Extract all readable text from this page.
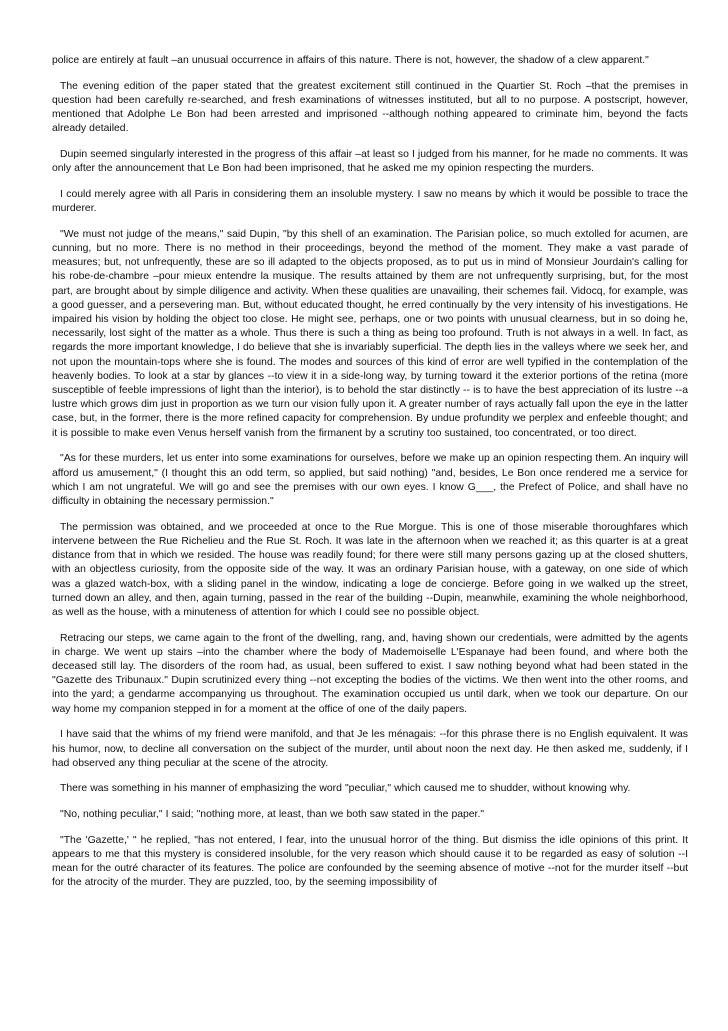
police are entirely at fault –an unusual occurrence in affairs of this nature. There is not, however, the shadow of a clew apparent."

The evening edition of the paper stated that the greatest excitement still continued in the Quartier St. Roch –that the premises in question had been carefully re-searched, and fresh examinations of witnesses instituted, but all to no purpose. A postscript, however, mentioned that Adolphe Le Bon had been arrested and imprisoned --although nothing appeared to criminate him, beyond the facts already detailed.

Dupin seemed singularly interested in the progress of this affair –at least so I judged from his manner, for he made no comments. It was only after the announcement that Le Bon had been imprisoned, that he asked me my opinion respecting the murders.

I could merely agree with all Paris in considering them an insoluble mystery. I saw no means by which it would be possible to trace the murderer.

"We must not judge of the means," said Dupin, "by this shell of an examination. The Parisian police, so much extolled for acumen, are cunning, but no more. There is no method in their proceedings, beyond the method of the moment. They make a vast parade of measures; but, not unfrequently, these are so ill adapted to the objects proposed, as to put us in mind of Monsieur Jourdain's calling for his robe-de-chambre –pour mieux entendre la musique. The results attained by them are not unfrequently surprising, but, for the most part, are brought about by simple diligence and activity. When these qualities are unavailing, their schemes fail. Vidocq, for example, was a good guesser, and a persevering man. But, without educated thought, he erred continually by the very intensity of his investigations. He impaired his vision by holding the object too close. He might see, perhaps, one or two points with unusual clearness, but in so doing he, necessarily, lost sight of the matter as a whole. Thus there is such a thing as being too profound. Truth is not always in a well. In fact, as regards the more important knowledge, I do believe that she is invariably superficial. The depth lies in the valleys where we seek her, and not upon the mountain-tops where she is found. The modes and sources of this kind of error are well typified in the contemplation of the heavenly bodies. To look at a star by glances --to view it in a side-long way, by turning toward it the exterior portions of the retina (more susceptible of feeble impressions of light than the interior), is to behold the star distinctly -- is to have the best appreciation of its lustre --a lustre which grows dim just in proportion as we turn our vision fully upon it. A greater number of rays actually fall upon the eye in the latter case, but, in the former, there is the more refined capacity for comprehension. By undue profundity we perplex and enfeeble thought; and it is possible to make even Venus herself vanish from the firmanent by a scrutiny too sustained, too concentrated, or too direct.

"As for these murders, let us enter into some examinations for ourselves, before we make up an opinion respecting them. An inquiry will afford us amusement," (I thought this an odd term, so applied, but said nothing) "and, besides, Le Bon once rendered me a service for which I am not ungrateful. We will go and see the premises with our own eyes. I know G___, the Prefect of Police, and shall have no difficulty in obtaining the necessary permission."

The permission was obtained, and we proceeded at once to the Rue Morgue. This is one of those miserable thoroughfares which intervene between the Rue Richelieu and the Rue St. Roch. It was late in the afternoon when we reached it; as this quarter is at a great distance from that in which we resided. The house was readily found; for there were still many persons gazing up at the closed shutters, with an objectless curiosity, from the opposite side of the way. It was an ordinary Parisian house, with a gateway, on one side of which was a glazed watch-box, with a sliding panel in the window, indicating a loge de concierge. Before going in we walked up the street, turned down an alley, and then, again turning, passed in the rear of the building --Dupin, meanwhile, examining the whole neighborhood, as well as the house, with a minuteness of attention for which I could see no possible object.

Retracing our steps, we came again to the front of the dwelling, rang, and, having shown our credentials, were admitted by the agents in charge. We went up stairs –into the chamber where the body of Mademoiselle L'Espanaye had been found, and where both the deceased still lay. The disorders of the room had, as usual, been suffered to exist. I saw nothing beyond what had been stated in the "Gazette des Tribunaux." Dupin scrutinized every thing --not excepting the bodies of the victims. We then went into the other rooms, and into the yard; a gendarme accompanying us throughout. The examination occupied us until dark, when we took our departure. On our way home my companion stepped in for a moment at the office of one of the daily papers.

I have said that the whims of my friend were manifold, and that Je les ménagais: --for this phrase there is no English equivalent. It was his humor, now, to decline all conversation on the subject of the murder, until about noon the next day. He then asked me, suddenly, if I had observed any thing peculiar at the scene of the atrocity.

There was something in his manner of emphasizing the word "peculiar," which caused me to shudder, without knowing why.

"No, nothing peculiar," I said; "nothing more, at least, than we both saw stated in the paper."

"The 'Gazette,' " he replied, "has not entered, I fear, into the unusual horror of the thing. But dismiss the idle opinions of this print. It appears to me that this mystery is considered insoluble, for the very reason which should cause it to be regarded as easy of solution --I mean for the outré character of its features. The police are confounded by the seeming absence of motive --not for the murder itself --but for the atrocity of the murder. They are puzzled, too, by the seeming impossibility of
